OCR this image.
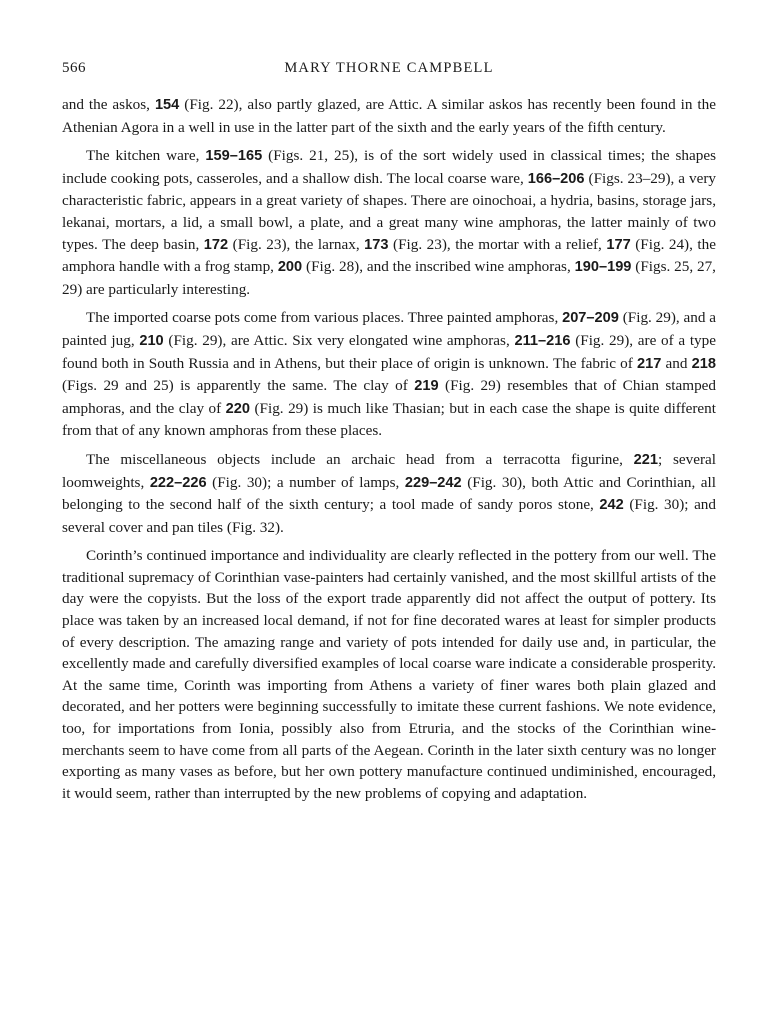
566	MARY THORNE CAMPBELL

and the askos, 154 (Fig. 22), also partly glazed, are Attic. A similar askos has recently been found in the Athenian Agora in a well in use in the latter part of the sixth and the early years of the fifth century.

The kitchen ware, 159–165 (Figs. 21, 25), is of the sort widely used in classical times; the shapes include cooking pots, casseroles, and a shallow dish. The local coarse ware, 166–206 (Figs. 23–29), a very characteristic fabric, appears in a great variety of shapes. There are oinochoai, a hydria, basins, storage jars, lekanai, mortars, a lid, a small bowl, a plate, and a great many wine amphoras, the latter mainly of two types. The deep basin, 172 (Fig. 23), the larnax, 173 (Fig. 23), the mortar with a relief, 177 (Fig. 24), the amphora handle with a frog stamp, 200 (Fig. 28), and the inscribed wine amphoras, 190–199 (Figs. 25, 27, 29) are particularly interesting.

The imported coarse pots come from various places. Three painted amphoras, 207–209 (Fig. 29), and a painted jug, 210 (Fig. 29), are Attic. Six very elongated wine amphoras, 211–216 (Fig. 29), are of a type found both in South Russia and in Athens, but their place of origin is unknown. The fabric of 217 and 218 (Figs. 29 and 25) is apparently the same. The clay of 219 (Fig. 29) resembles that of Chian stamped amphoras, and the clay of 220 (Fig. 29) is much like Thasian; but in each case the shape is quite different from that of any known amphoras from these places.

The miscellaneous objects include an archaic head from a terracotta figurine, 221; several loomweights, 222–226 (Fig. 30); a number of lamps, 229–242 (Fig. 30), both Attic and Corinthian, all belonging to the second half of the sixth century; a tool made of sandy poros stone, 242 (Fig. 30); and several cover and pan tiles (Fig. 32).

Corinth’s continued importance and individuality are clearly reflected in the pottery from our well. The traditional supremacy of Corinthian vase-painters had certainly vanished, and the most skillful artists of the day were the copyists. But the loss of the export trade apparently did not affect the output of pottery. Its place was taken by an increased local demand, if not for fine decorated wares at least for simpler products of every description. The amazing range and variety of pots intended for daily use and, in particular, the excellently made and carefully diversified examples of local coarse ware indicate a considerable prosperity. At the same time, Corinth was importing from Athens a variety of finer wares both plain glazed and decorated, and her potters were beginning successfully to imitate these current fashions. We note evidence, too, for importations from Ionia, possibly also from Etruria, and the stocks of the Corinthian wine-merchants seem to have come from all parts of the Aegean. Corinth in the later sixth century was no longer exporting as many vases as before, but her own pottery manufacture continued undiminished, encouraged, it would seem, rather than interrupted by the new problems of copying and adaptation.
